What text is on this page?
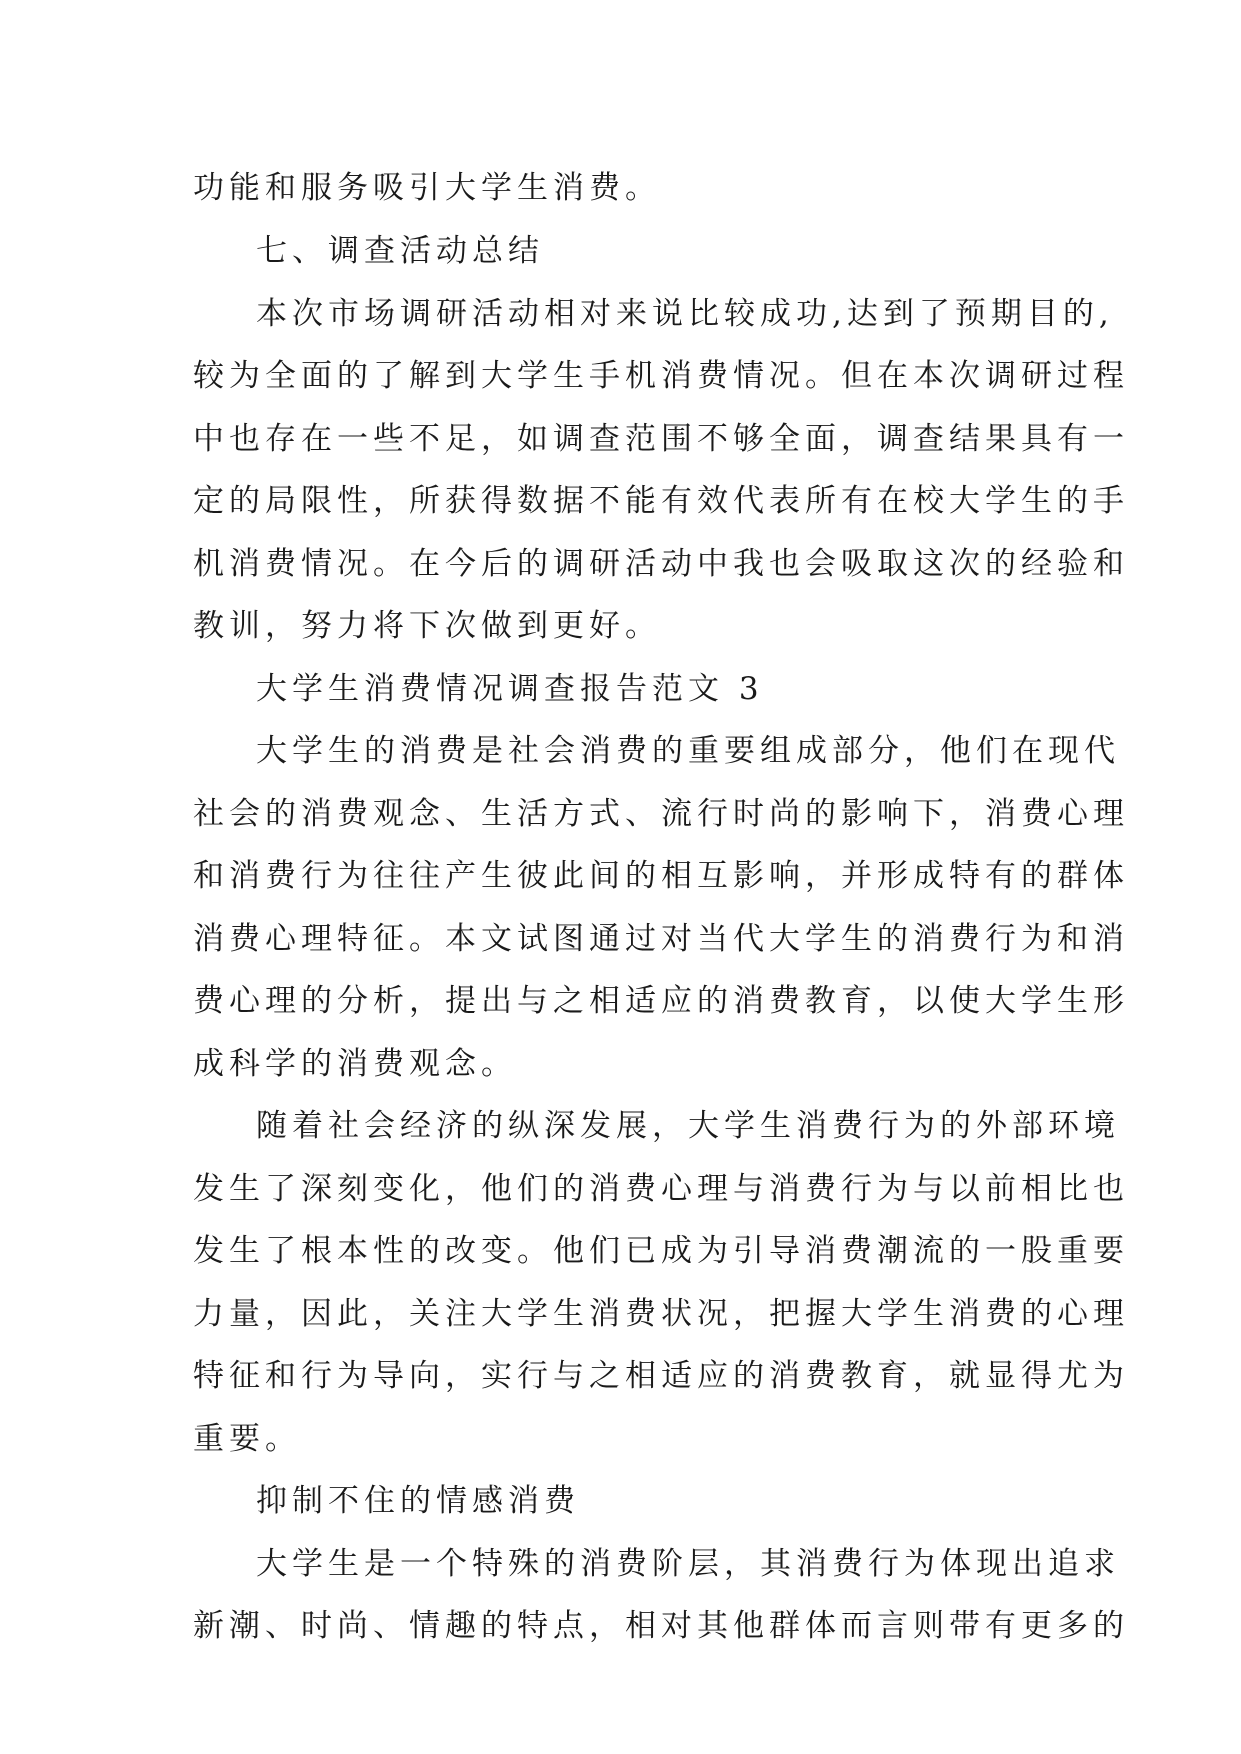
功能和服务吸引大学生消费。
七、调查活动总结
本次市场调研活动相对来说比较成功,达到了预期目的,
较为全面的了解到大学生手机消费情况。但在本次调研过程
中也存在一些不足，如调查范围不够全面，调查结果具有一
定的局限性，所获得数据不能有效代表所有在校大学生的手
机消费情况。在今后的调研活动中我也会吸取这次的经验和
教训，努力将下次做到更好。
大学生消费情况调查报告范文 3
大学生的消费是社会消费的重要组成部分，他们在现代
社会的消费观念、生活方式、流行时尚的影响下，消费心理
和消费行为往往产生彼此间的相互影响，并形成特有的群体
消费心理特征。本文试图通过对当代大学生的消费行为和消
费心理的分析，提出与之相适应的消费教育，以使大学生形
成科学的消费观念。
随着社会经济的纵深发展，大学生消费行为的外部环境
发生了深刻变化，他们的消费心理与消费行为与以前相比也
发生了根本性的改变。他们已成为引导消费潮流的一股重要
力量，因此，关注大学生消费状况，把握大学生消费的心理
特征和行为导向，实行与之相适应的消费教育，就显得尤为
重要。
抑制不住的情感消费
大学生是一个特殊的消费阶层，其消费行为体现出追求
新潮、时尚、情趣的特点，相对其他群体而言则带有更多的
